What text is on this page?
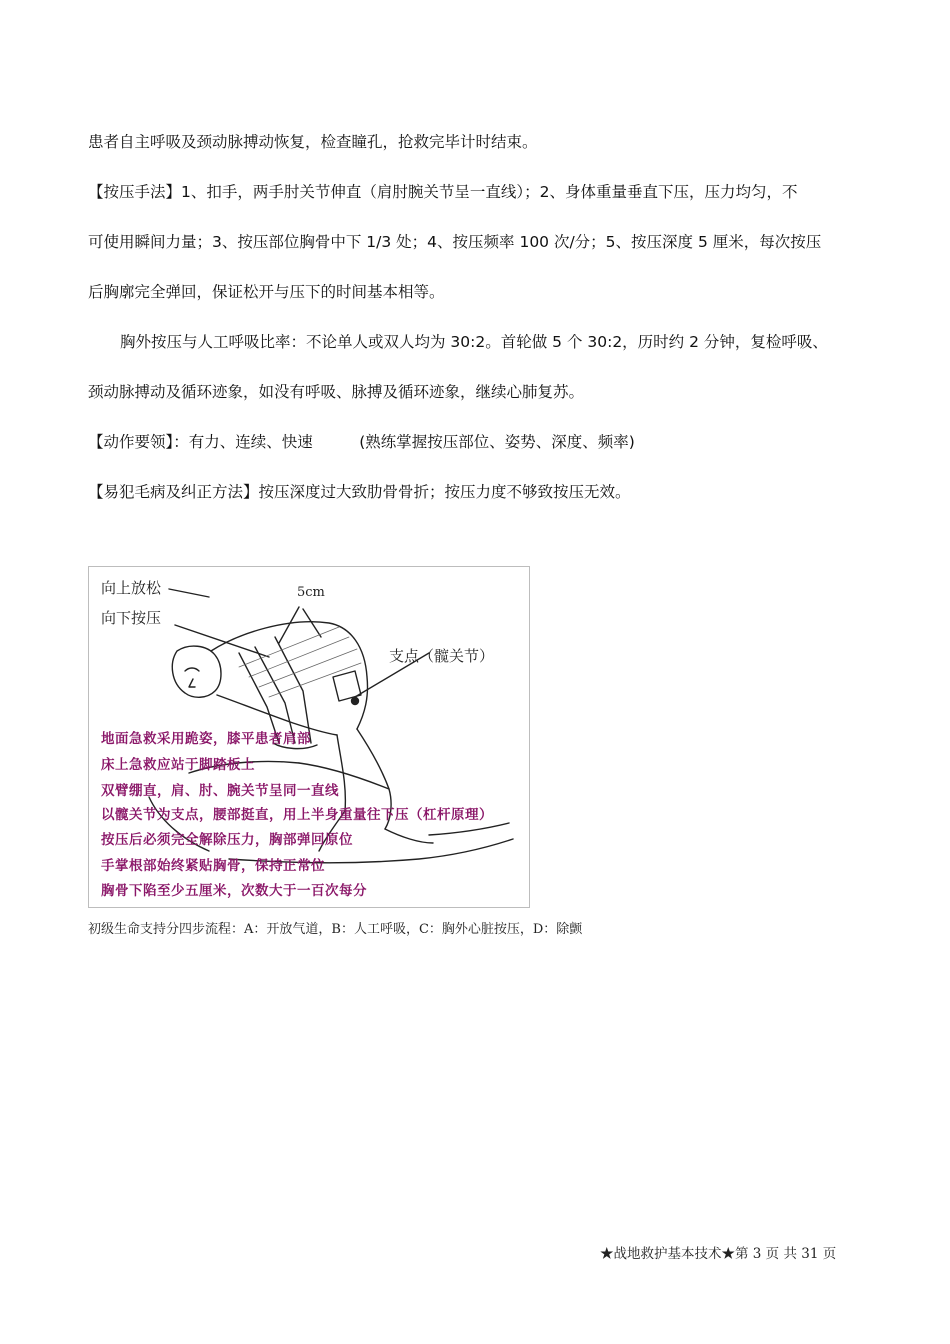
患者自主呼吸及颈动脉搏动恢复，检查瞳孔，抢救完毕计时结束。

【按压手法】1、扣手，两手肘关节伸直（肩肘腕关节呈一直线）；2、身体重量垂直下压，压力均匀，不

可使用瞬间力量；3、按压部位胸骨中下 1/3 处；4、按压频率 100 次/分；5、按压深度 5 厘米，每次按压

后胸廓完全弹回，保证松开与压下的时间基本相等。

胸外按压与人工呼吸比率：不论单人或双人均为 30:2。首轮做 5 个 30:2，历时约 2 分钟，复检呼吸、

颈动脉搏动及循环迹象，如没有呼吸、脉搏及循环迹象，继续心肺复苏。

【动作要领】：有力、连续、快速　　　(熟练掌握按压部位、姿势、深度、频率)

【易犯毛病及纠正方法】按压深度过大致肋骨骨折；按压力度不够致按压无效。

向上放松
向下按压
5cm
支点（髋关节）
地面急救采用跪姿，膝平患者肩部
床上急救应站于脚踏板上
双臂绷直，肩、肘、腕关节呈同一直线
以髋关节为支点，腰部挺直，用上半身重量往下压（杠杆原理）
按压后必须完全解除压力，胸部弹回原位
手掌根部始终紧贴胸骨，保持正常位
胸骨下陷至少五厘米，次数大于一百次每分
初级生命支持分四步流程：A：开放气道，B：人工呼吸，C：胸外心脏按压，D：除颤
★战地救护基本技术★第 3 页 共 31 页
